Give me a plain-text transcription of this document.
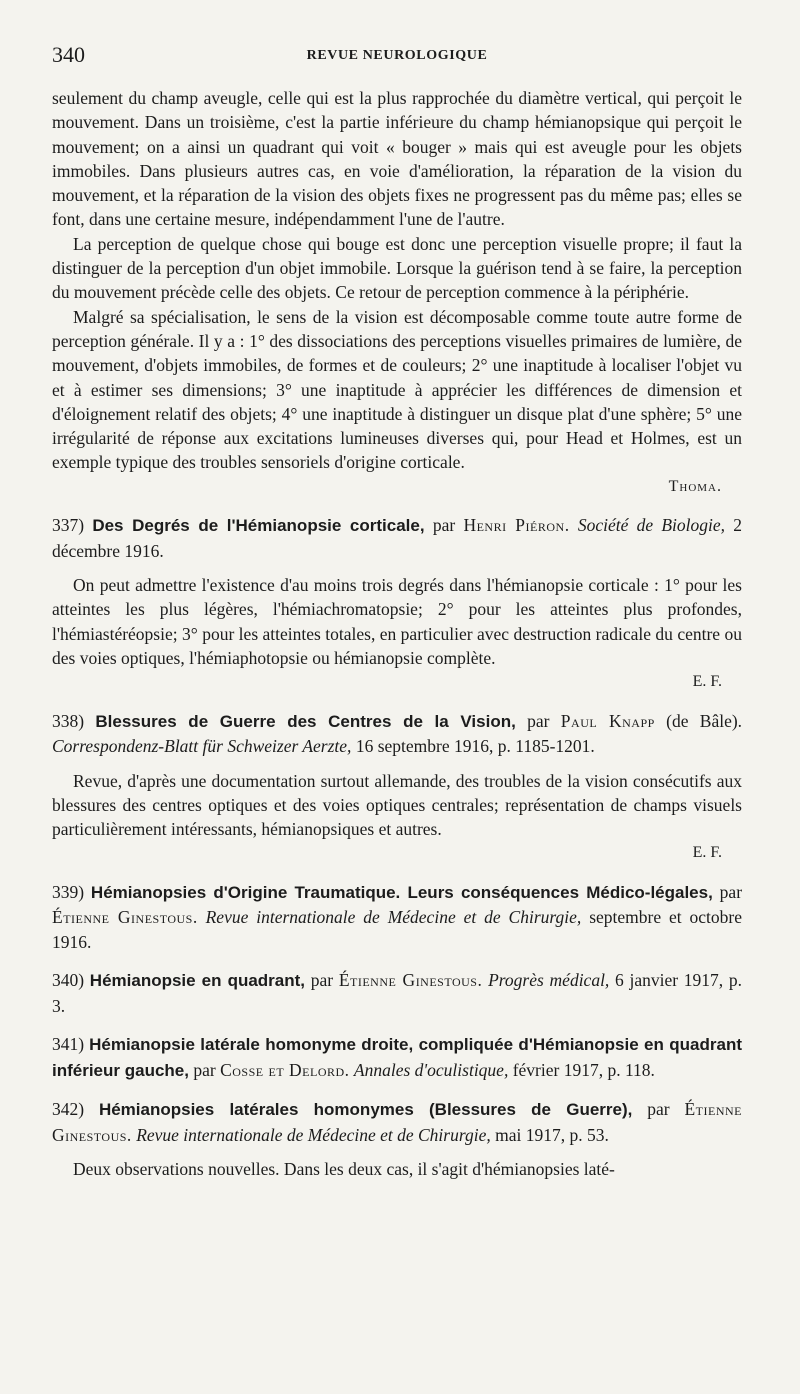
340	REVUE NEUROLOGIQUE

seulement du champ aveugle, celle qui est la plus rapprochée du diamètre vertical, qui perçoit le mouvement. Dans un troisième, c'est la partie inférieure du champ hémianopsique qui perçoit le mouvement; on a ainsi un quadrant qui voit « bouger » mais qui est aveugle pour les objets immobiles. Dans plusieurs autres cas, en voie d'amélioration, la réparation de la vision du mouvement, et la réparation de la vision des objets fixes ne progressent pas du même pas; elles se font, dans une certaine mesure, indépendamment l'une de l'autre.

La perception de quelque chose qui bouge est donc une perception visuelle propre; il faut la distinguer de la perception d'un objet immobile. Lorsque la guérison tend à se faire, la perception du mouvement précède celle des objets. Ce retour de perception commence à la périphérie.

Malgré sa spécialisation, le sens de la vision est décomposable comme toute autre forme de perception générale. Il y a : 1° des dissociations des perceptions visuelles primaires de lumière, de mouvement, d'objets immobiles, de formes et de couleurs; 2° une inaptitude à localiser l'objet vu et à estimer ses dimensions; 3° une inaptitude à apprécier les différences de dimension et d'éloignement relatif des objets; 4° une inaptitude à distinguer un disque plat d'une sphère; 5° une irrégularité de réponse aux excitations lumineuses diverses qui, pour Head et Holmes, est un exemple typique des troubles sensoriels d'origine corticale.

Thoma.
337) Des Degrés de l'Hémianopsie corticale, par Henri Piéron. Société de Biologie, 2 décembre 1916.

On peut admettre l'existence d'au moins trois degrés dans l'hémianopsie corticale : 1° pour les atteintes les plus légères, l'hémiachromatopsie; 2° pour les atteintes plus profondes, l'hémiastéréopsie; 3° pour les atteintes totales, en particulier avec destruction radicale du centre ou des voies optiques, l'hémiaphotopsie ou hémianopsie complète.

E. F.
338) Blessures de Guerre des Centres de la Vision, par Paul Knapp (de Bâle). Correspondenz-Blatt für Schweizer Aerzte, 16 septembre 1916, p. 1185-1201.

Revue, d'après une documentation surtout allemande, des troubles de la vision consécutifs aux blessures des centres optiques et des voies optiques centrales; représentation de champs visuels particulièrement intéressants, hémianopsiques et autres.

E. F.
339) Hémianopsies d'Origine Traumatique. Leurs conséquences Médico-légales, par Étienne Ginestous. Revue internationale de Médecine et de Chirurgie, septembre et octobre 1916.
340) Hémianopsie en quadrant, par Étienne Ginestous. Progrès médical, 6 janvier 1917, p. 3.
341) Hémianopsie latérale homonyme droite, compliquée d'Hémianopsie en quadrant inférieur gauche, par Cosse et Delord. Annales d'oculistique, février 1917, p. 118.
342) Hémianopsies latérales homonymes (Blessures de Guerre), par Étienne Ginestous. Revue internationale de Médecine et de Chirurgie, mai 1917, p. 53.

Deux observations nouvelles. Dans les deux cas, il s'agit d'hémianopsies laté-
